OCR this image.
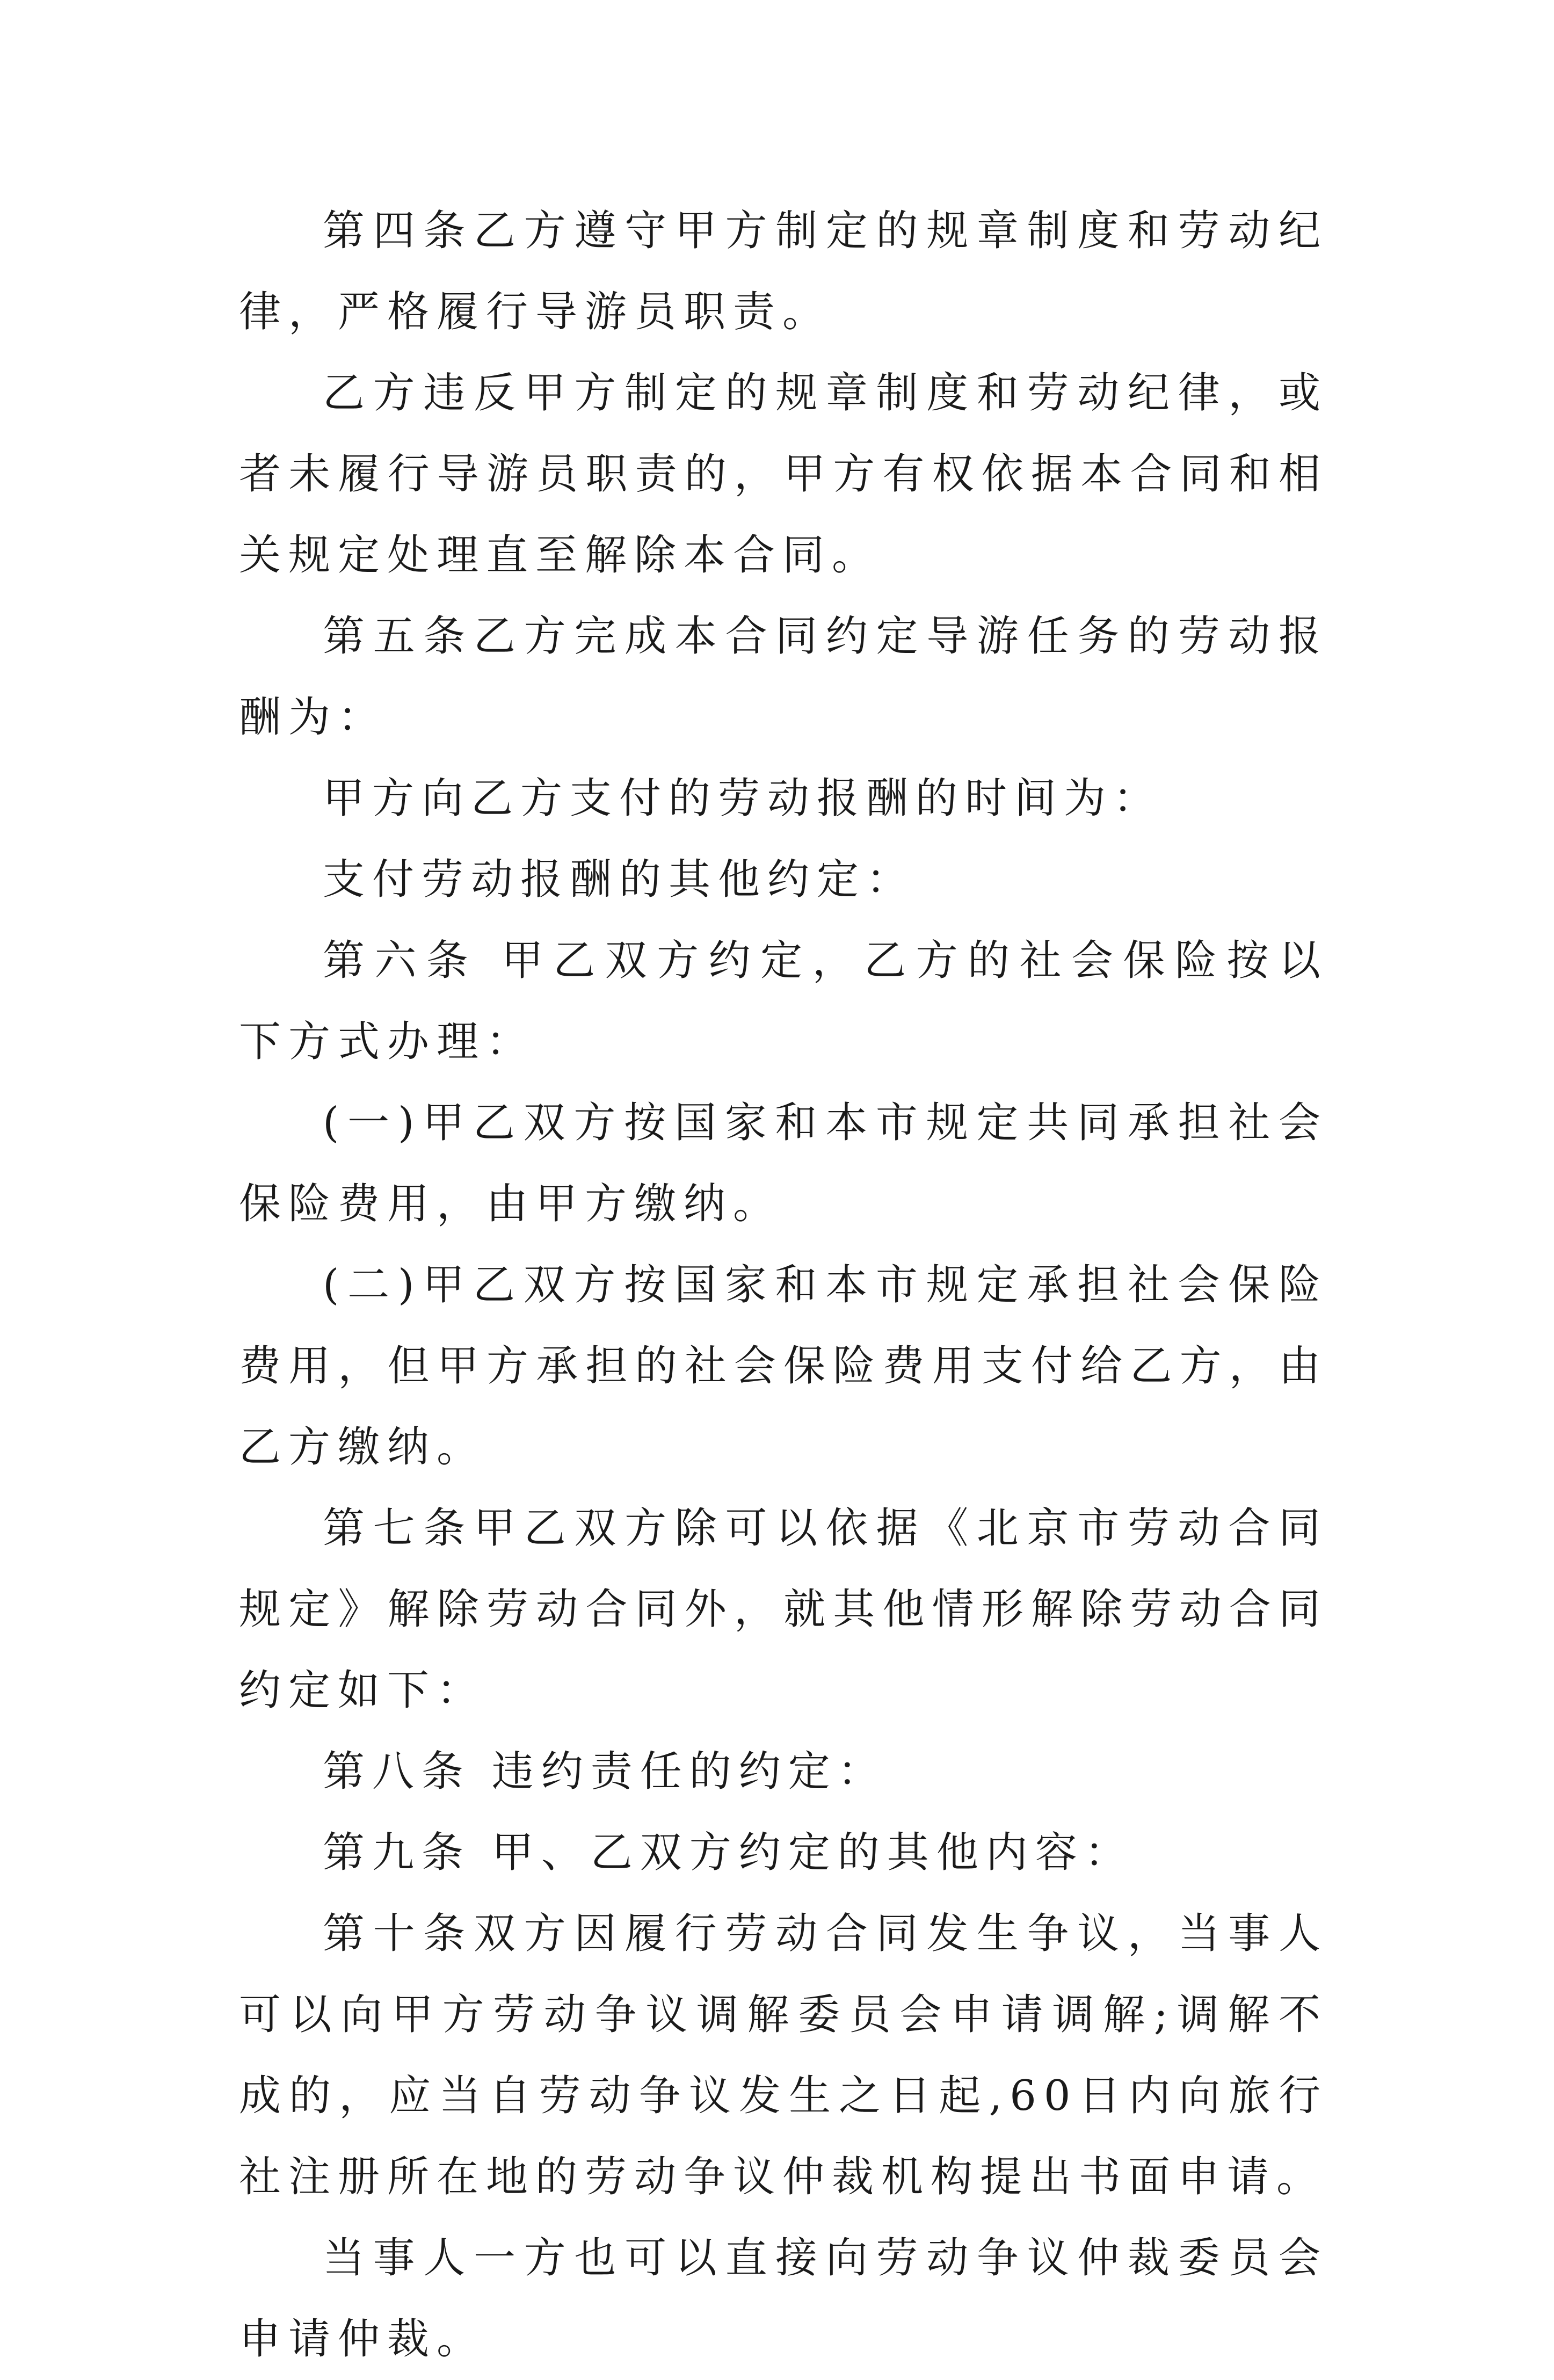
第四条乙方遵守甲方制定的规章制度和劳动纪律，严格履行导游员职责。

乙方违反甲方制定的规章制度和劳动纪律，或者未履行导游员职责的，甲方有权依据本合同和相关规定处理直至解除本合同。

第五条乙方完成本合同约定导游任务的劳动报酬为：

甲方向乙方支付的劳动报酬的时间为：

支付劳动报酬的其他约定：

第六条 甲乙双方约定，乙方的社会保险按以下方式办理：

(一)甲乙双方按国家和本市规定共同承担社会保险费用，由甲方缴纳。

(二)甲乙双方按国家和本市规定承担社会保险费用，但甲方承担的社会保险费用支付给乙方，由乙方缴纳。

第七条甲乙双方除可以依据《北京市劳动合同规定》解除劳动合同外，就其他情形解除劳动合同约定如下：

第八条 违约责任的约定：

第九条 甲、乙双方约定的其他内容：

第十条双方因履行劳动合同发生争议，当事人可以向甲方劳动争议调解委员会申请调解;调解不成的，应当自劳动争议发生之日起,60日内向旅行社注册所在地的劳动争议仲裁机构提出书面申请。

当事人一方也可以直接向劳动争议仲裁委员会申请仲裁。
